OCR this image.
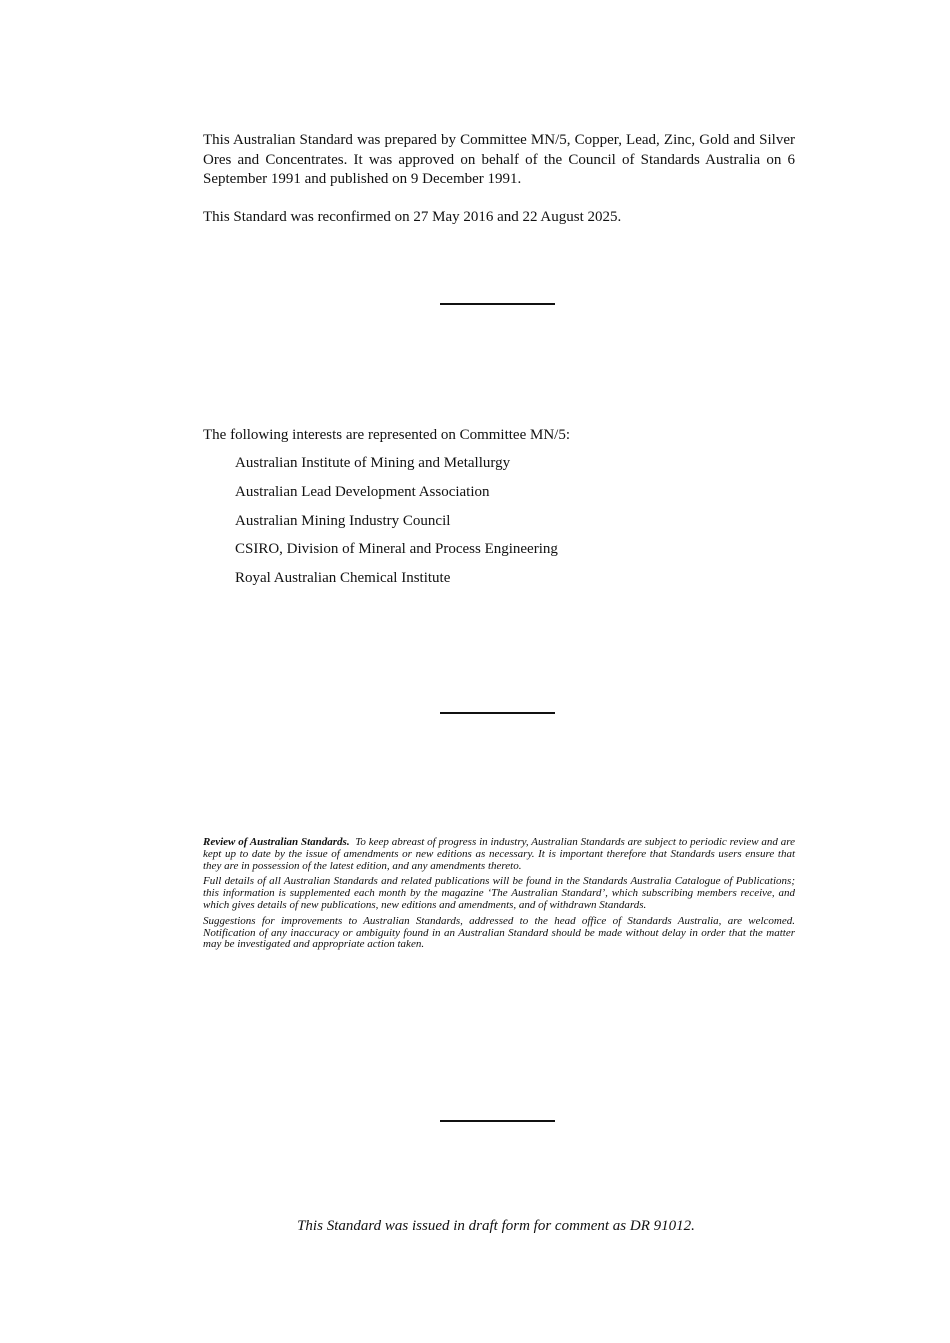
This Australian Standard was prepared by Committee MN/5, Copper, Lead, Zinc, Gold and Silver Ores and Concentrates. It was approved on behalf of the Council of Standards Australia on 6 September 1991 and published on 9 December 1991.

This Standard was reconfirmed on 27 May 2016 and 22 August 2025.

The following interests are represented on Committee MN/5:

Australian Institute of Mining and Metallurgy
Australian Lead Development Association
Australian Mining Industry Council
CSIRO, Division of Mineral and Process Engineering
Royal Australian Chemical Institute

Review of Australian Standards. To keep abreast of progress in industry, Australian Standards are subject to periodic review and are kept up to date by the issue of amendments or new editions as necessary. It is important therefore that Standards users ensure that they are in possession of the latest edition, and any amendments thereto.

Full details of all Australian Standards and related publications will be found in the Standards Australia Catalogue of Publications; this information is supplemented each month by the magazine ‘The Australian Standard’, which subscribing members receive, and which gives details of new publications, new editions and amendments, and of withdrawn Standards.

Suggestions for improvements to Australian Standards, addressed to the head office of Standards Australia, are welcomed. Notification of any inaccuracy or ambiguity found in an Australian Standard should be made without delay in order that the matter may be investigated and appropriate action taken.

This Standard was issued in draft form for comment as DR 91012.
